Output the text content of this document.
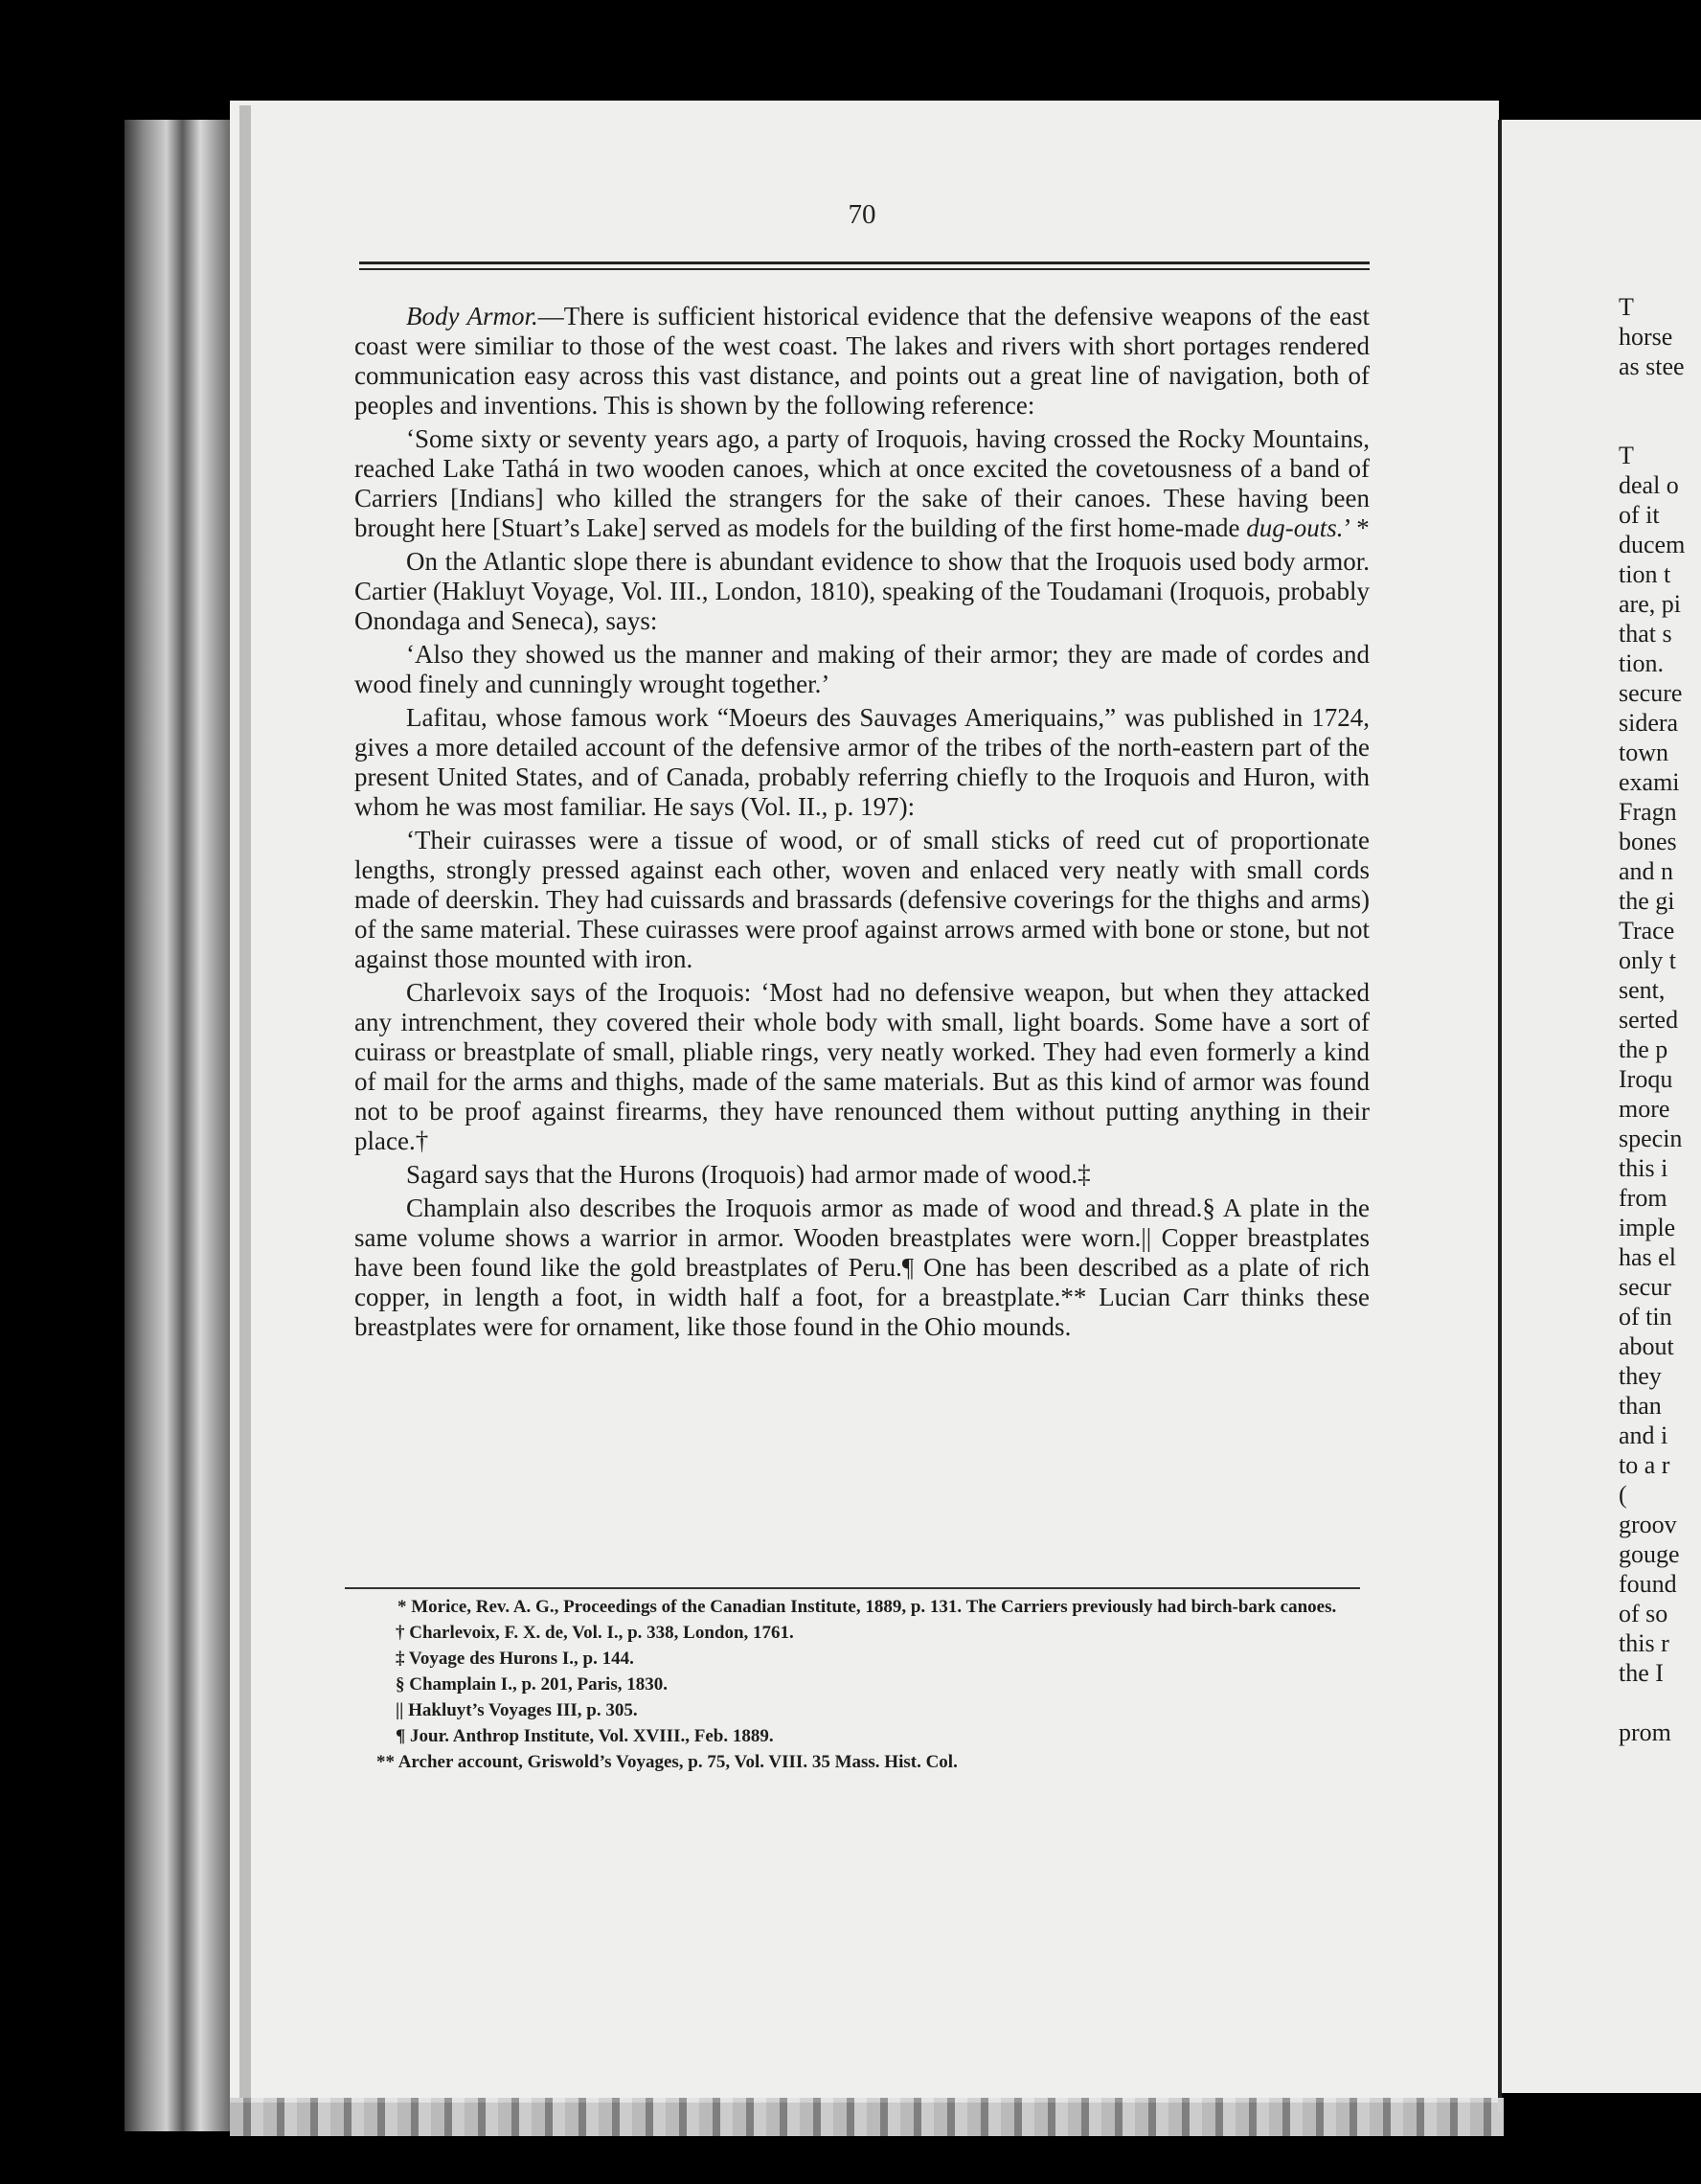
70

Body Armor.—There is sufficient historical evidence that the defensive weapons of the east coast were similiar to those of the west coast. The lakes and rivers with short portages rendered communication easy across this vast distance, and points out a great line of navigation, both of peoples and inventions. This is shown by the following reference:

‘Some sixty or seventy years ago, a party of Iroquois, having crossed the Rocky Mountains, reached Lake Tathá in two wooden canoes, which at once excited the covetousness of a band of Carriers [Indians] who killed the strangers for the sake of their canoes. These having been brought here [Stuart’s Lake] served as models for the building of the first home-made dug-outs.’ *

On the Atlantic slope there is abundant evidence to show that the Iroquois used body armor. Cartier (Hakluyt Voyage, Vol. III., London, 1810), speaking of the Toudamani (Iroquois, probably Onondaga and Seneca), says:

‘Also they showed us the manner and making of their armor; they are made of cordes and wood finely and cunningly wrought together.’

Lafitau, whose famous work “Moeurs des Sauvages Ameriquains,” was published in 1724, gives a more detailed account of the defensive armor of the tribes of the north-eastern part of the present United States, and of Canada, probably referring chiefly to the Iroquois and Huron, with whom he was most familiar. He says (Vol. II., p. 197):

‘Their cuirasses were a tissue of wood, or of small sticks of reed cut of proportionate lengths, strongly pressed against each other, woven and enlaced very neatly with small cords made of deerskin. They had cuissards and brassards (defensive coverings for the thighs and arms) of the same material. These cuirasses were proof against arrows armed with bone or stone, but not against those mounted with iron.

Charlevoix says of the Iroquois: ‘Most had no defensive weapon, but when they attacked any intrenchment, they covered their whole body with small, light boards. Some have a sort of cuirass or breastplate of small, pliable rings, very neatly worked. They had even formerly a kind of mail for the arms and thighs, made of the same materials. But as this kind of armor was found not to be proof against firearms, they have renounced them without putting anything in their place.†

Sagard says that the Hurons (Iroquois) had armor made of wood.‡

Champlain also describes the Iroquois armor as made of wood and thread.§ A plate in the same volume shows a warrior in armor. Wooden breastplates were worn.|| Copper breastplates have been found like the gold breastplates of Peru.¶ One has been described as a plate of rich copper, in length a foot, in width half a foot, for a breastplate.** Lucian Carr thinks these breastplates were for ornament, like those found in the Ohio mounds.

* Morice, Rev. A. G., Proceedings of the Canadian Institute, 1889, p. 131. The Carriers previously had birch-bark canoes.

† Charlevoix, F. X. de, Vol. I., p. 338, London, 1761.

‡ Voyage des Hurons I., p. 144.

§ Champlain I., p. 201, Paris, 1830.

|| Hakluyt’s Voyages III, p. 305.

¶ Jour. Anthrop Institute, Vol. XVIII., Feb. 1889.

** Archer account, Griswold’s Voyages, p. 75, Vol. VIII. 35 Mass. Hist. Col.

T
horse
as stee

T
deal o
of it
ducem
tion t
are, pi
that s
tion.
secure
sidera
town
exami
Fragn
bones
and n
the gi
Trace
only t
sent,
serted
the p
Iroqu
more
specin
this i
from
imple
has el
secur
of tin
about
they
than
and i
to a r
(
groov
gouge
found
of so
this r
the I

prom
